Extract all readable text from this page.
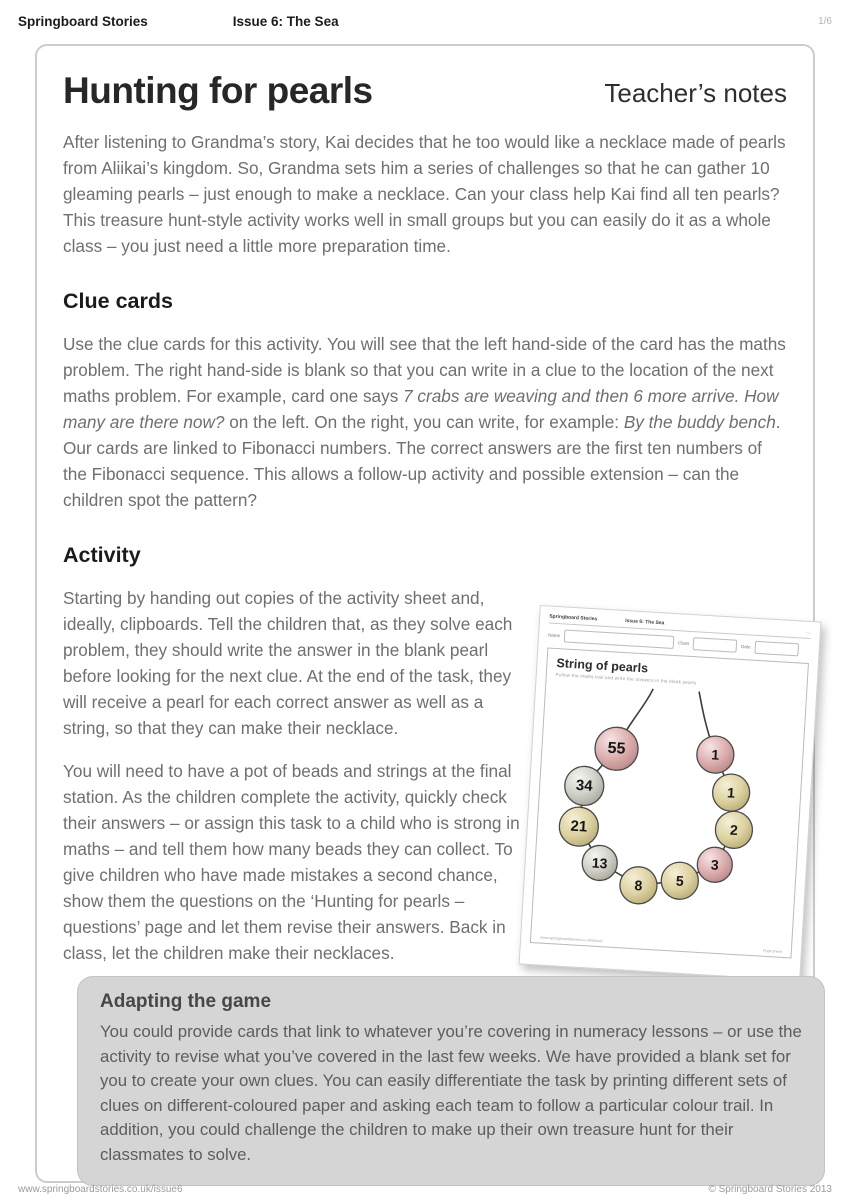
Springboard Stories	Issue 6: The Sea	1/6
Hunting for pearls	Teacher’s notes

After listening to Grandma’s story, Kai decides that he too would like a necklace made of pearls from Aliikai’s kingdom. So, Grandma sets him a series of challenges so that he can gather 10 gleaming pearls – just enough to make a necklace. Can your class help Kai find all ten pearls? This treasure hunt-style activity works well in small groups but you can easily do it as a whole class – you just need a little more preparation time.

Clue cards

Use the clue cards for this activity. You will see that the left hand-side of the card has the maths problem. The right hand-side is blank so that you can write in a clue to the location of the next maths problem. For example, card one says 7 crabs are weaving and then 6 more arrive. How many are there now? on the left. On the right, you can write, for example: By the buddy bench. Our cards are linked to Fibonacci numbers. The correct answers are the first ten numbers of the Fibonacci sequence. This allows a follow-up activity and possible extension – can the children spot the pattern?

Activity

Starting by handing out copies of the activity sheet and, ideally, clipboards. Tell the children that, as they solve each problem, they should write the answer in the blank pearl before looking for the next clue. At the end of the task, they will receive a pearl for each correct answer as well as a string, so that they can make their necklace.

You will need to have a pot of beads and strings at the final station. As the children complete the activity, quickly check their answers – or assign this task to a child who is strong in maths – and tell them how many beads they can collect. To give children who have made mistakes a second chance, show them the questions on the ‘Hunting for pearls – questions’ page and let them revise their answers. Back in class, let the children make their necklaces.

Springboard Stories	Issue 6: The Sea
—
Name
Class
Date
String of pearls
Follow the maths trail and write the answers in the blank pearls
55
34
21
13
8 5
3
2
1
1
www.springboardstories.co.uk/issue6
Pupil sheet
Adapting the game

You could provide cards that link to whatever you’re covering in numeracy lessons – or use the activity to revise what you’ve covered in the last few weeks. We have provided a blank set for you to create your own clues. You can easily differentiate the task by printing different sets of clues on different-coloured paper and asking each team to follow a particular colour trail. In addition, you could challenge the children to make up their own treasure hunt for their classmates to solve.

www.springboardstories.co.uk/issue6	© Springboard Stories 2013
